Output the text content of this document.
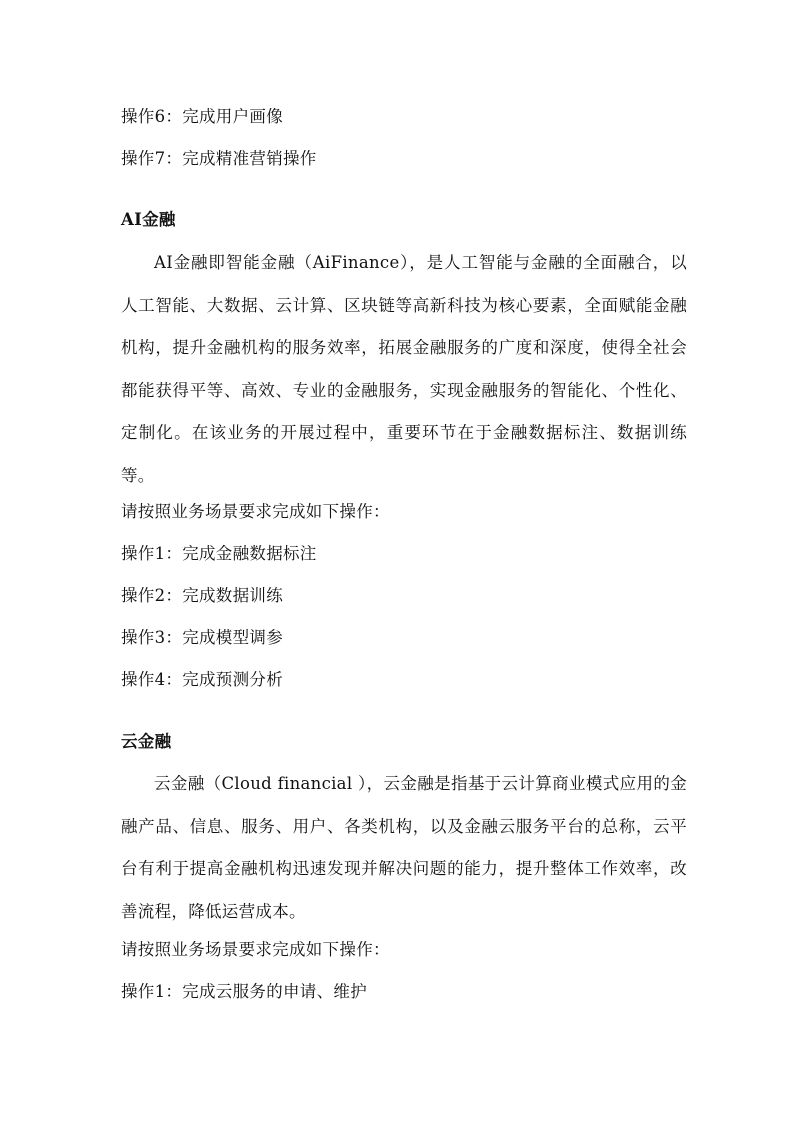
操作6：完成用户画像
操作7：完成精准营销操作
AI金融
AI金融即智能金融（AiFinance），是人工智能与金融的全面融合，以人工智能、大数据、云计算、区块链等高新科技为核心要素，全面赋能金融机构，提升金融机构的服务效率，拓展金融服务的广度和深度，使得全社会都能获得平等、高效、专业的金融服务，实现金融服务的智能化、个性化、定制化。在该业务的开展过程中，重要环节在于金融数据标注、数据训练等。
请按照业务场景要求完成如下操作：
操作1：完成金融数据标注
操作2：完成数据训练
操作3：完成模型调参
操作4：完成预测分析
云金融
云金融（Cloud financial ），云金融是指基于云计算商业模式应用的金融产品、信息、服务、用户、各类机构，以及金融云服务平台的总称，云平台有利于提高金融机构迅速发现并解决问题的能力，提升整体工作效率，改善流程，降低运营成本。
请按照业务场景要求完成如下操作：
操作1：完成云服务的申请、维护
